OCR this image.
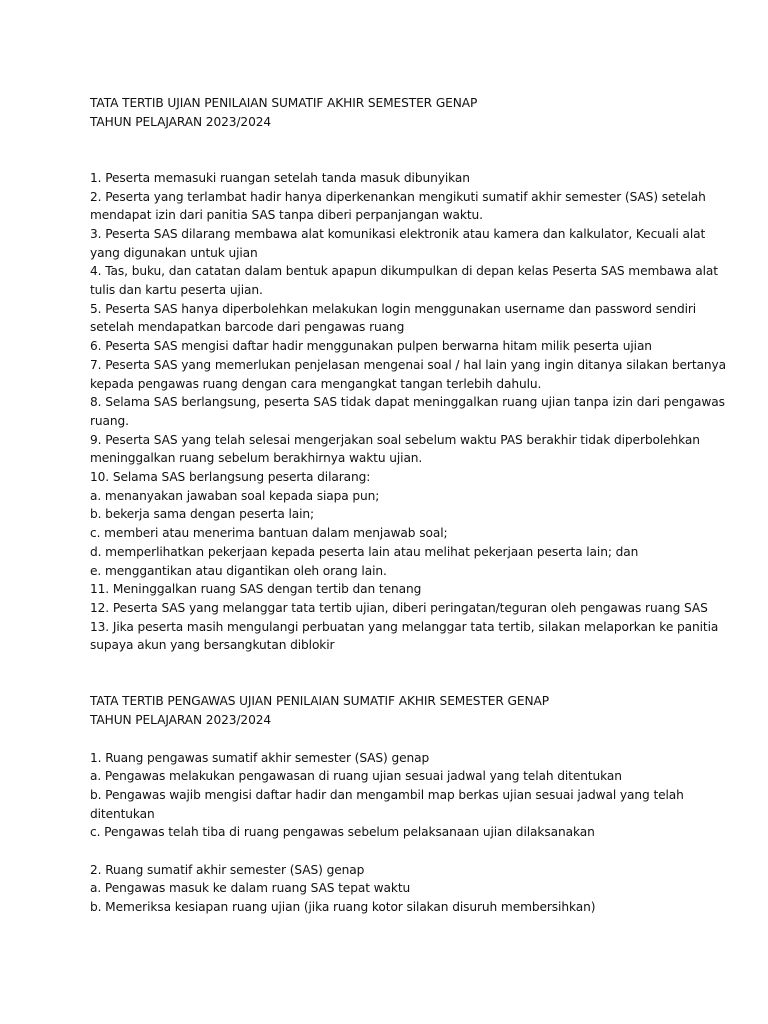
TATA TERTIB UJIAN PENILAIAN SUMATIF AKHIR SEMESTER GENAP
TAHUN PELAJARAN 2023/2024
1. Peserta memasuki ruangan setelah tanda masuk dibunyikan
2. Peserta yang terlambat hadir hanya diperkenankan mengikuti sumatif akhir semester (SAS) setelah
mendapat izin dari panitia SAS tanpa diberi perpanjangan waktu.
3. Peserta SAS dilarang membawa alat komunikasi elektronik atau kamera dan kalkulator, Kecuali alat
yang digunakan untuk ujian
4. Tas, buku, dan catatan dalam bentuk apapun dikumpulkan di depan kelas Peserta SAS membawa alat
tulis dan kartu peserta ujian.
5. Peserta SAS hanya diperbolehkan melakukan login menggunakan username dan password sendiri
setelah mendapatkan barcode dari pengawas ruang
6. Peserta SAS mengisi daftar hadir menggunakan pulpen berwarna hitam milik peserta ujian
7. Peserta SAS yang memerlukan penjelasan mengenai soal / hal lain yang ingin ditanya silakan bertanya
kepada pengawas ruang dengan cara mengangkat tangan terlebih dahulu.
8. Selama SAS berlangsung, peserta SAS tidak dapat meninggalkan ruang ujian tanpa izin dari pengawas
ruang.
9. Peserta SAS yang telah selesai mengerjakan soal sebelum waktu PAS berakhir tidak diperbolehkan
meninggalkan ruang sebelum berakhirnya waktu ujian.
10. Selama SAS berlangsung peserta dilarang:
a. menanyakan jawaban soal kepada siapa pun;
b. bekerja sama dengan peserta lain;
c. memberi atau menerima bantuan dalam menjawab soal;
d. memperlihatkan pekerjaan kepada peserta lain atau melihat pekerjaan peserta lain; dan
e. menggantikan atau digantikan oleh orang lain.
11. Meninggalkan ruang SAS dengan tertib dan tenang
12. Peserta SAS yang melanggar tata tertib ujian, diberi peringatan/teguran oleh pengawas ruang SAS
13. Jika peserta masih mengulangi perbuatan yang melanggar tata tertib, silakan melaporkan ke panitia
supaya akun yang bersangkutan diblokir
TATA TERTIB PENGAWAS UJIAN PENILAIAN SUMATIF AKHIR SEMESTER GENAP
TAHUN PELAJARAN 2023/2024
1. Ruang pengawas sumatif akhir semester (SAS) genap
a. Pengawas melakukan pengawasan di ruang ujian sesuai jadwal yang telah ditentukan
b. Pengawas wajib mengisi daftar hadir dan mengambil map berkas ujian sesuai jadwal yang telah
ditentukan
c. Pengawas telah tiba di ruang pengawas sebelum pelaksanaan ujian dilaksanakan
2. Ruang sumatif akhir semester (SAS) genap
a. Pengawas masuk ke dalam ruang SAS tepat waktu
b. Memeriksa kesiapan ruang ujian (jika ruang kotor silakan disuruh membersihkan)
